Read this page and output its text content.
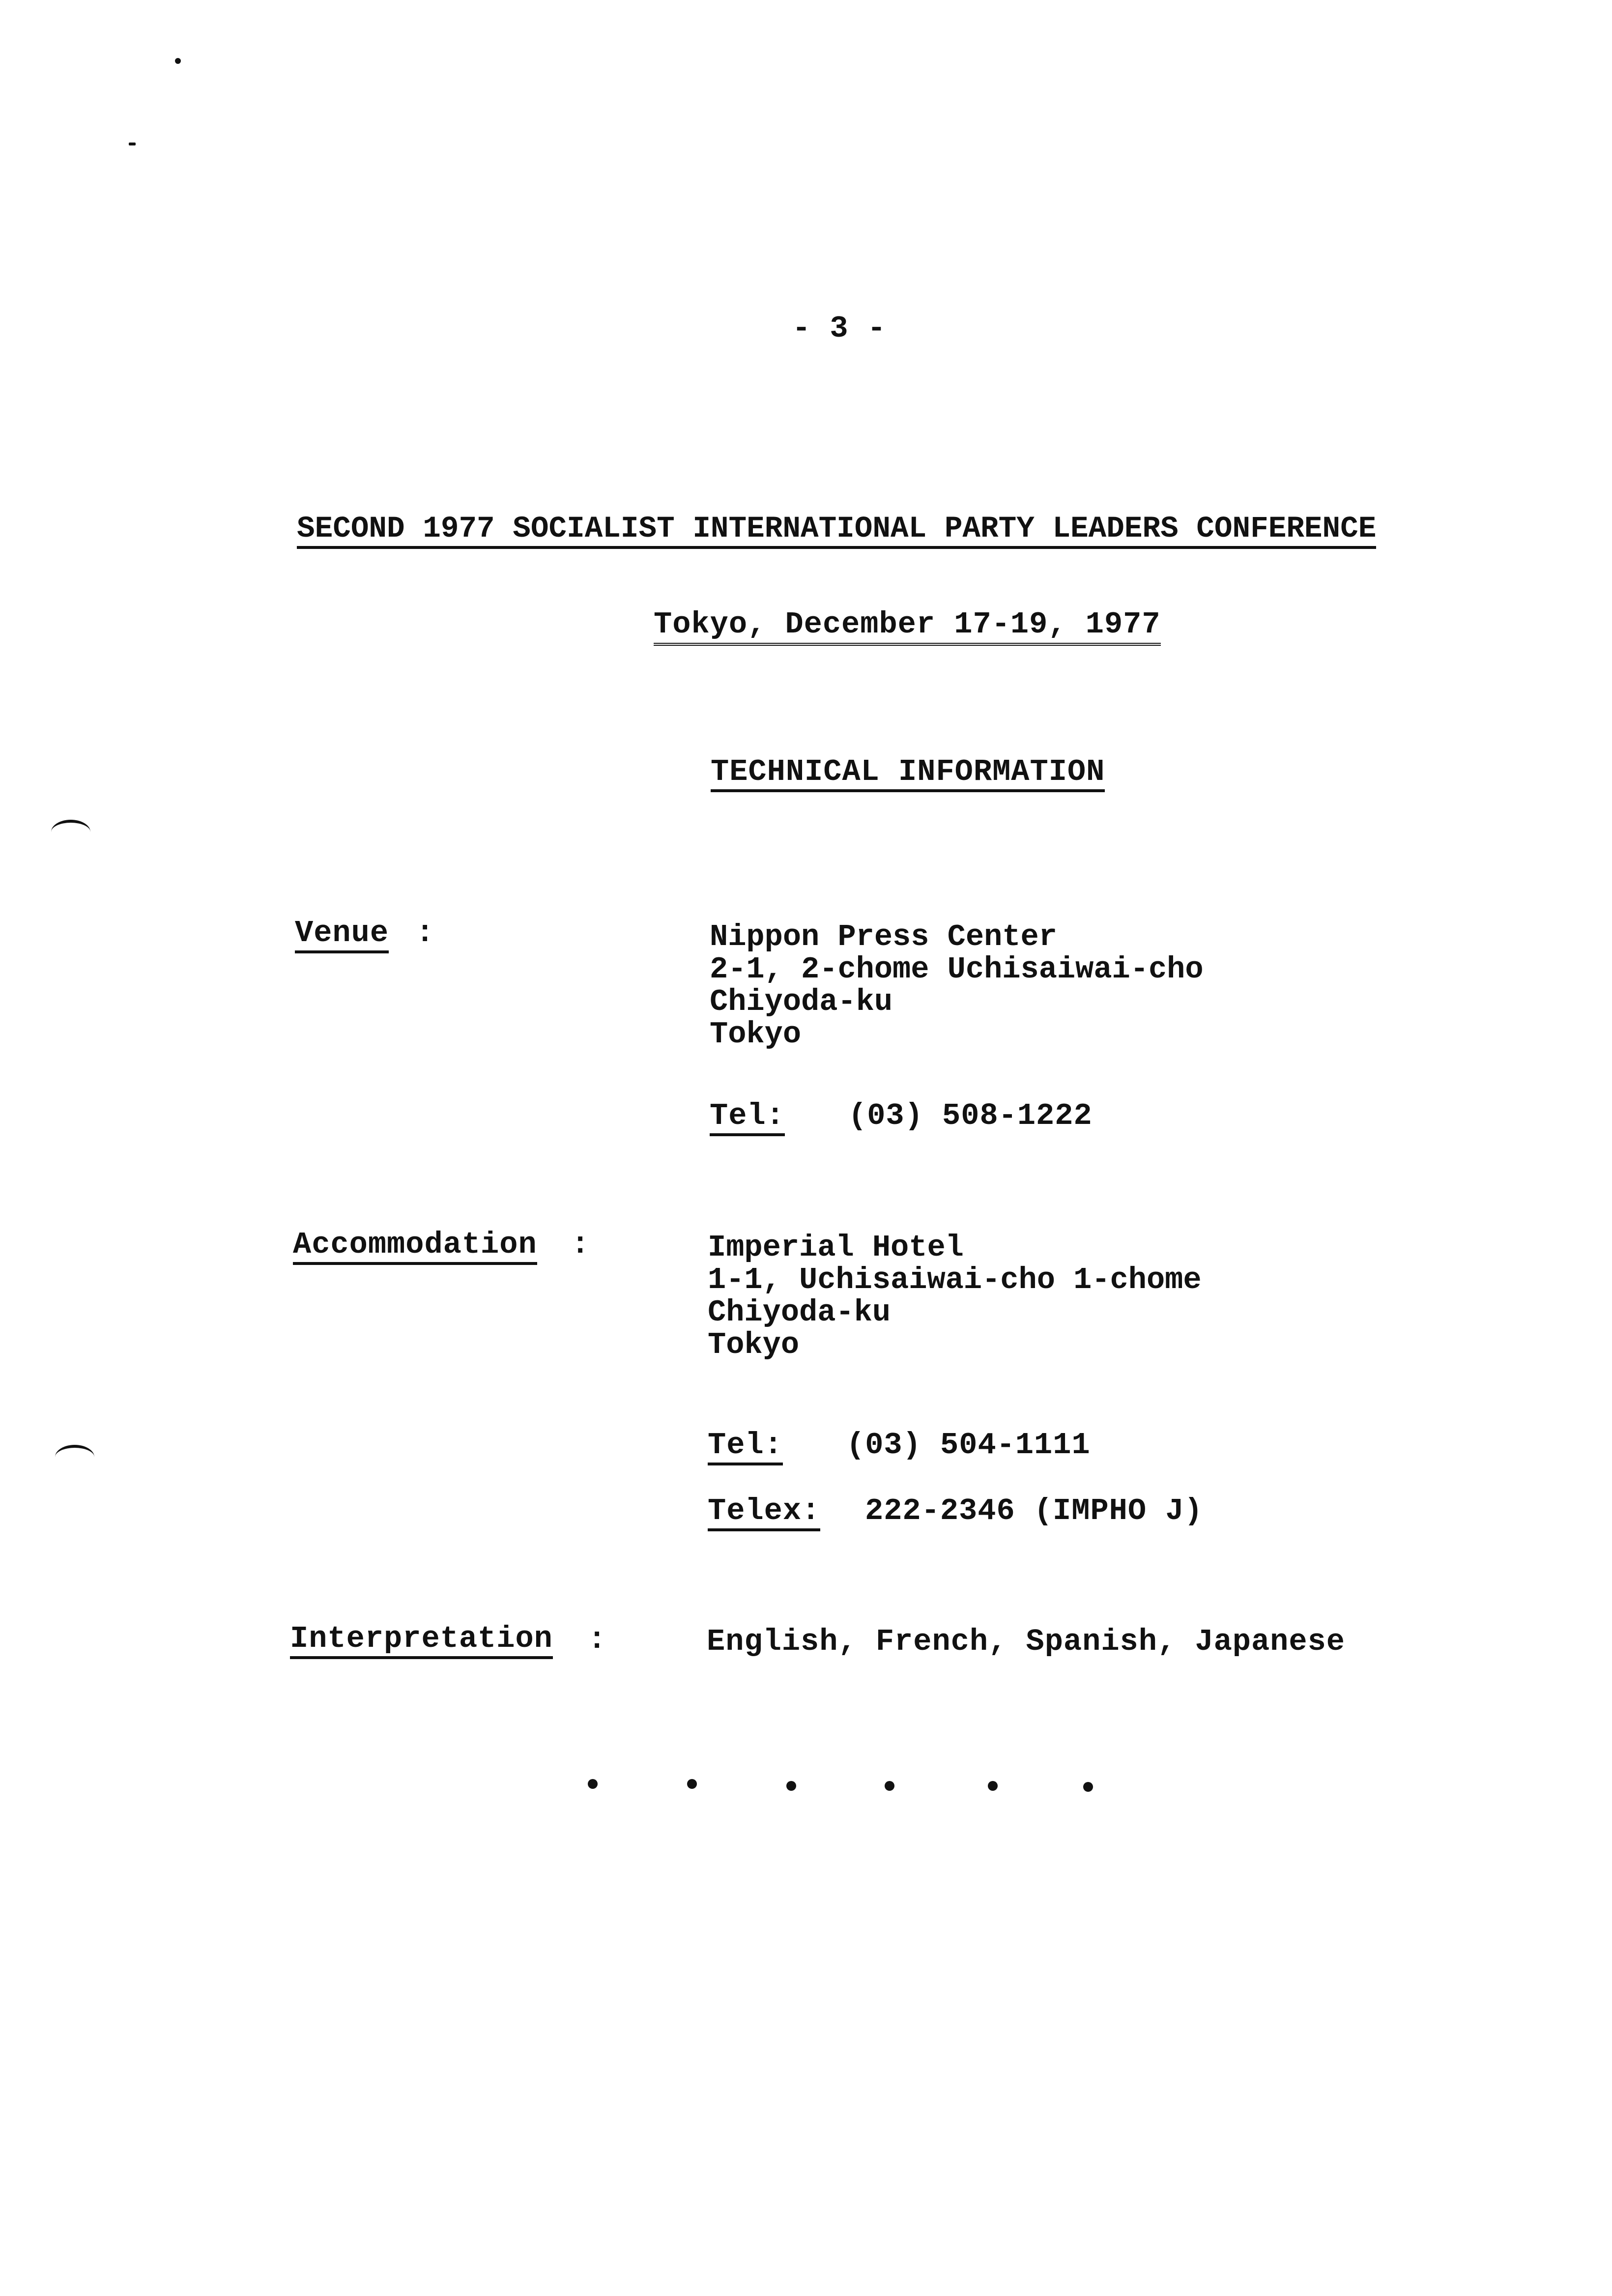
- 3 -
SECOND 1977 SOCIALIST INTERNATIONAL PARTY LEADERS CONFERENCE
Tokyo, December 17-19, 1977
TECHNICAL INFORMATION
Venue :	Nippon Press Center
2-1, 2-chome Uchisaiwai-cho
Chiyoda-ku
Tokyo
Tel: (03) 508-1222
Accommodation :	Imperial Hotel
1-1, Uchisaiwai-cho 1-chome
Chiyoda-ku
Tokyo
Tel: (03) 504-1111
Telex: 222-2346 (IMPHO J)
Interpretation :	English, French, Spanish, Japanese
